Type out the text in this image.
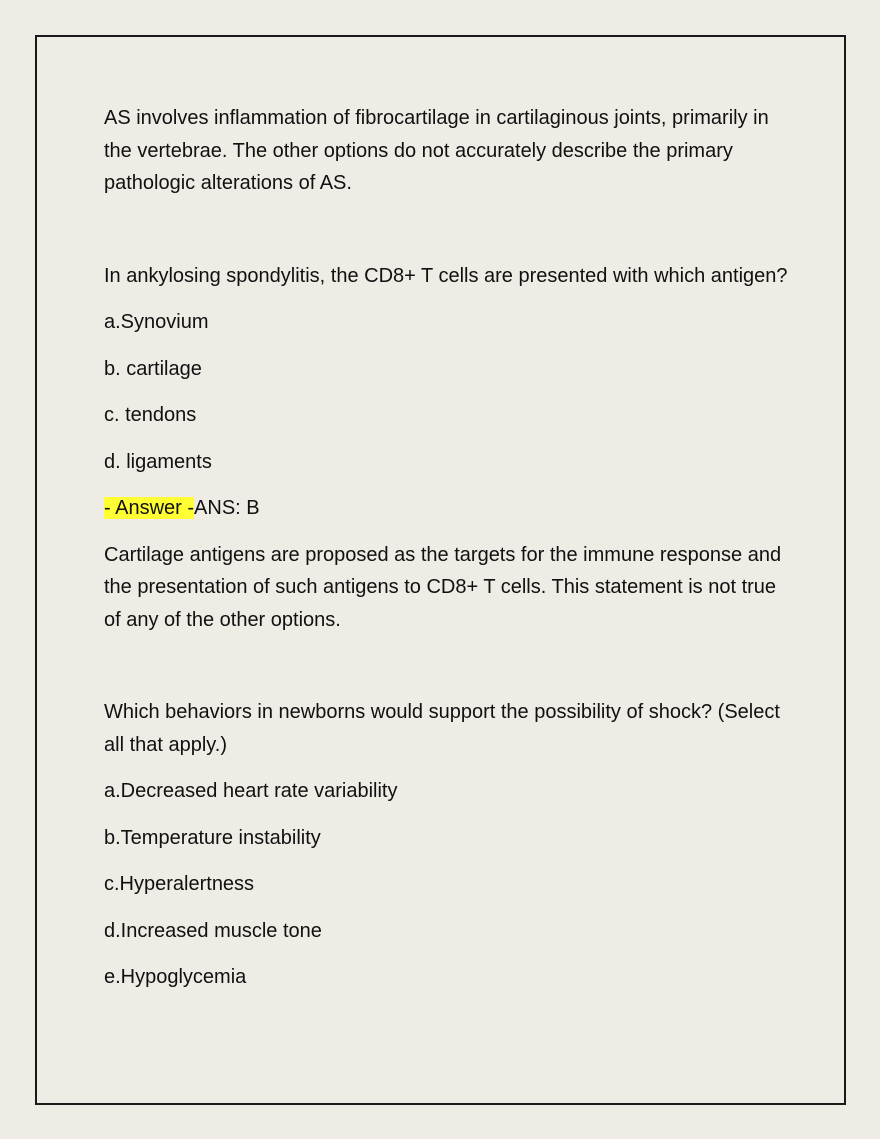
AS involves inflammation of fibrocartilage in cartilaginous joints, primarily in the vertebrae. The other options do not accurately describe the primary pathologic alterations of AS.

In ankylosing spondylitis, the CD8+ T cells are presented with which antigen?

a.Synovium

b. cartilage

c. tendons

d. ligaments

- Answer -ANS: B

Cartilage antigens are proposed as the targets for the immune response and the presentation of such antigens to CD8+ T cells. This statement is not true of any of the other options.

Which behaviors in newborns would support the possibility of shock? (Select all that apply.)

a.Decreased heart rate variability

b.Temperature instability

c.Hyperalertness

d.Increased muscle tone

e.Hypoglycemia
